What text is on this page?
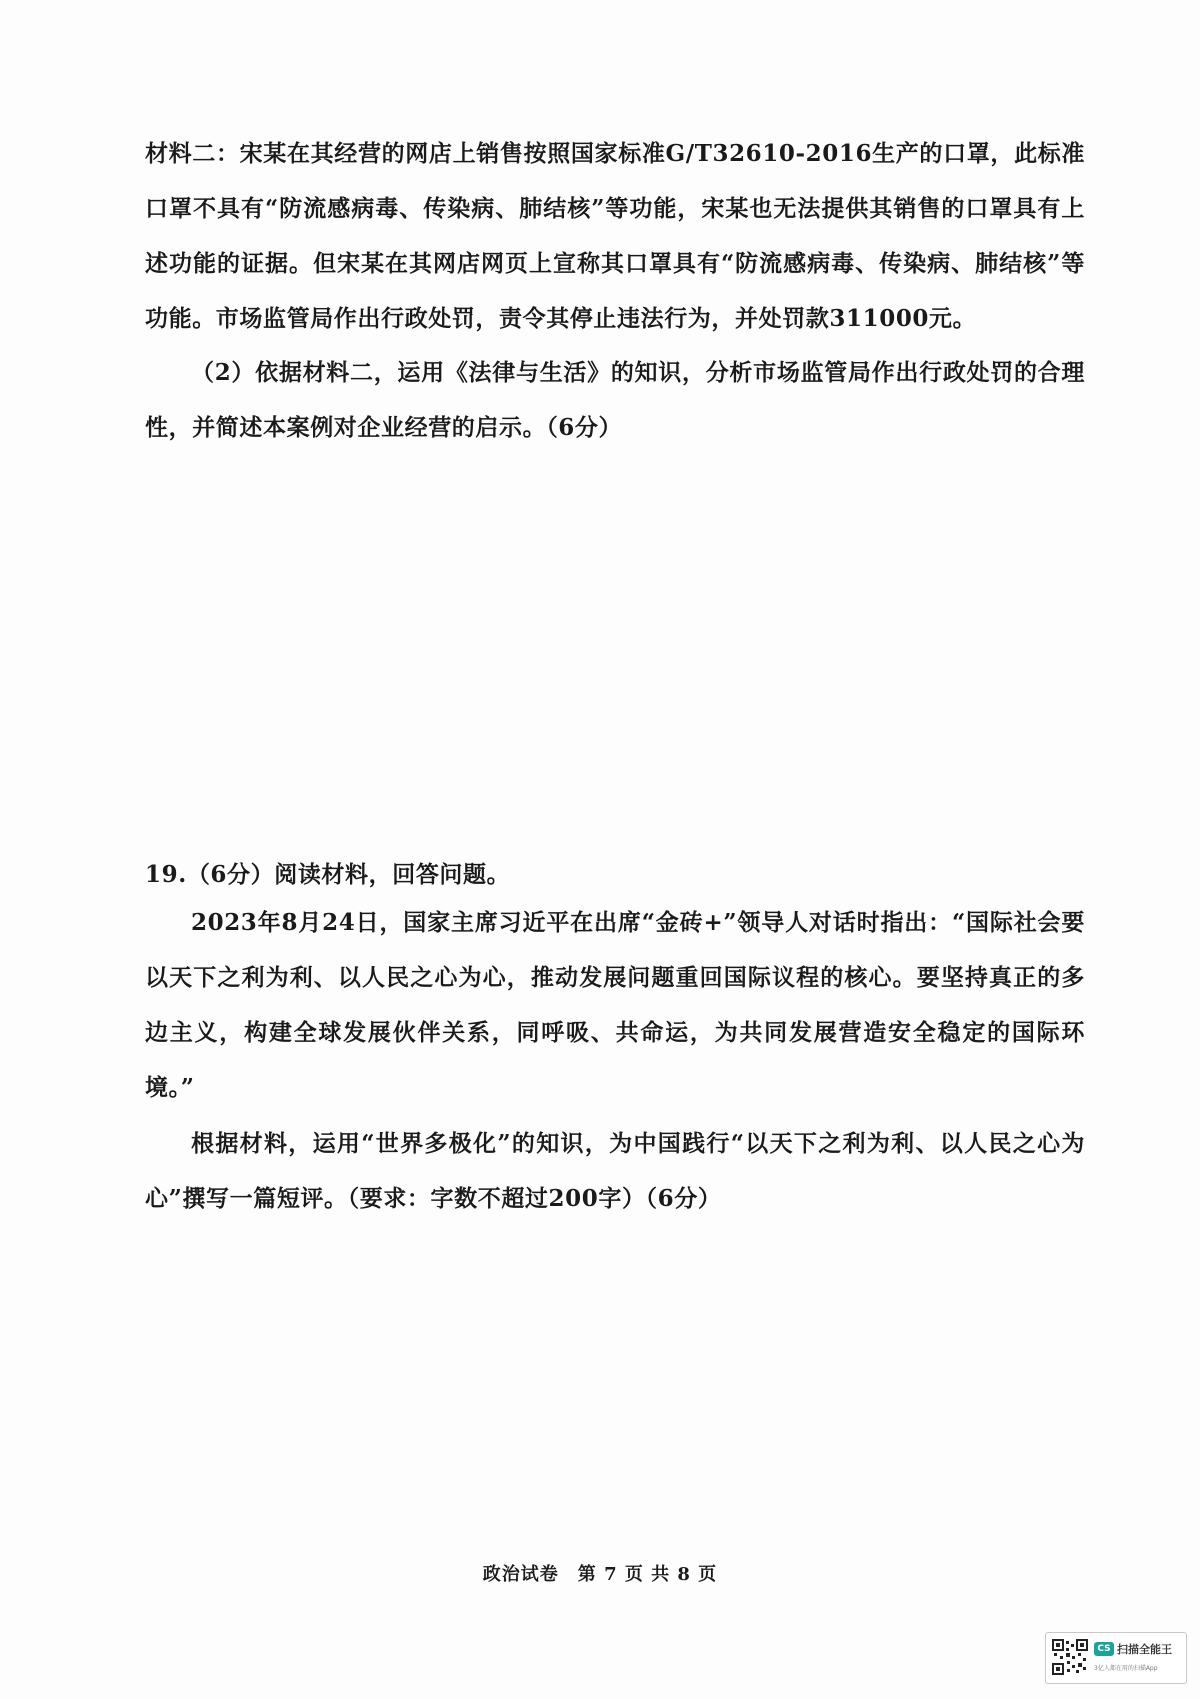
材料二：宋某在其经营的网店上销售按照国家标准G/T32610-2016生产的口罩，此标准口罩不具有“防流感病毒、传染病、肺结核”等功能，宋某也无法提供其销售的口罩具有上述功能的证据。但宋某在其网店网页上宣称其口罩具有“防流感病毒、传染病、肺结核”等功能。市场监管局作出行政处罚，责令其停止违法行为，并处罚款311000元。

（2）依据材料二，运用《法律与生活》的知识，分析市场监管局作出行政处罚的合理性，并简述本案例对企业经营的启示。（6分）

19.（6分）阅读材料，回答问题。

2023年8月24日，国家主席习近平在出席“金砖+”领导人对话时指出：“国际社会要以天下之利为利、以人民之心为心，推动发展问题重回国际议程的核心。要坚持真正的多边主义，构建全球发展伙伴关系，同呼吸、共命运，为共同发展营造安全稳定的国际环境。”

根据材料，运用“世界多极化”的知识，为中国践行“以天下之利为利、以人民之心为心”撰写一篇短评。（要求：字数不超过200字）（6分）

政治试卷　第 7 页 共 8 页
CS 扫描全能王
3亿人都在用的扫描App
